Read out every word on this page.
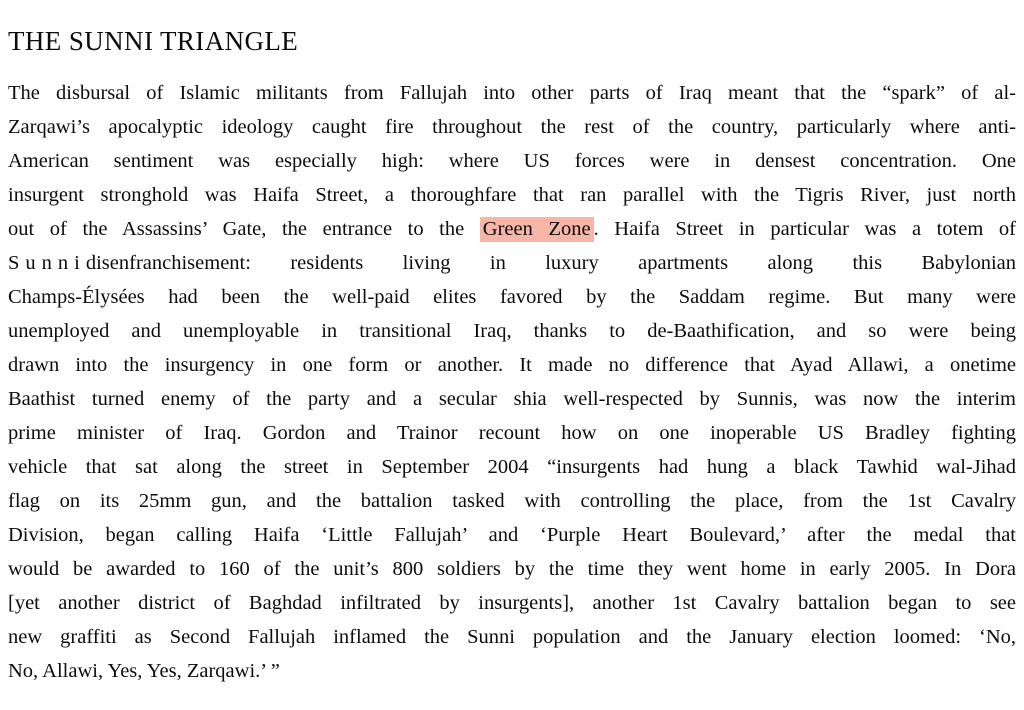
THE SUNNI TRIANGLE
The disbursal of Islamic militants from Fallujah into other parts of Iraq meant that the “spark” of al-
Zarqawi’s apocalyptic ideology caught fire throughout the rest of the country, particularly where anti-
American sentiment was especially high: where US forces were in densest concentration. One
insurgent stronghold was Haifa Street, a thoroughfare that ran parallel with the Tigris River, just north
out of the Assassins’ Gate, the entrance to the Green Zone . Haifa Street in particular was a totem of
Sunnidisenfranchisement: residents living in luxury apartments along this Babylonian
Champs-Élysées had been the well-paid elites favored by the Saddam regime. But many were
unemployed and unemployable in transitional Iraq, thanks to de-Baathification, and so were being
drawn into the insurgency in one form or another. It made no difference that Ayad Allawi, a onetime
Baathist turned enemy of the party and a secular shia well-respected by Sunnis, was now the interim
prime minister of Iraq. Gordon and Trainor recount how on one inoperable US Bradley fighting
vehicle that sat along the street in September 2004 “insurgents had hung a black Tawhid wal-Jihad
flag on its 25mm gun, and the battalion tasked with controlling the place, from the 1st Cavalry
Division, began calling Haifa ‘Little Fallujah’ and ‘Purple Heart Boulevard,’ after the medal that
would be awarded to 160 of the unit’s 800 soldiers by the time they went home in early 2005. In Dora
[yet another district of Baghdad infiltrated by insurgents], another 1st Cavalry battalion began to see
new graffiti as Second Fallujah inflamed the Sunni population and the January election loomed: ‘No,
No, Allawi, Yes, Yes, Zarqawi.’ ”
